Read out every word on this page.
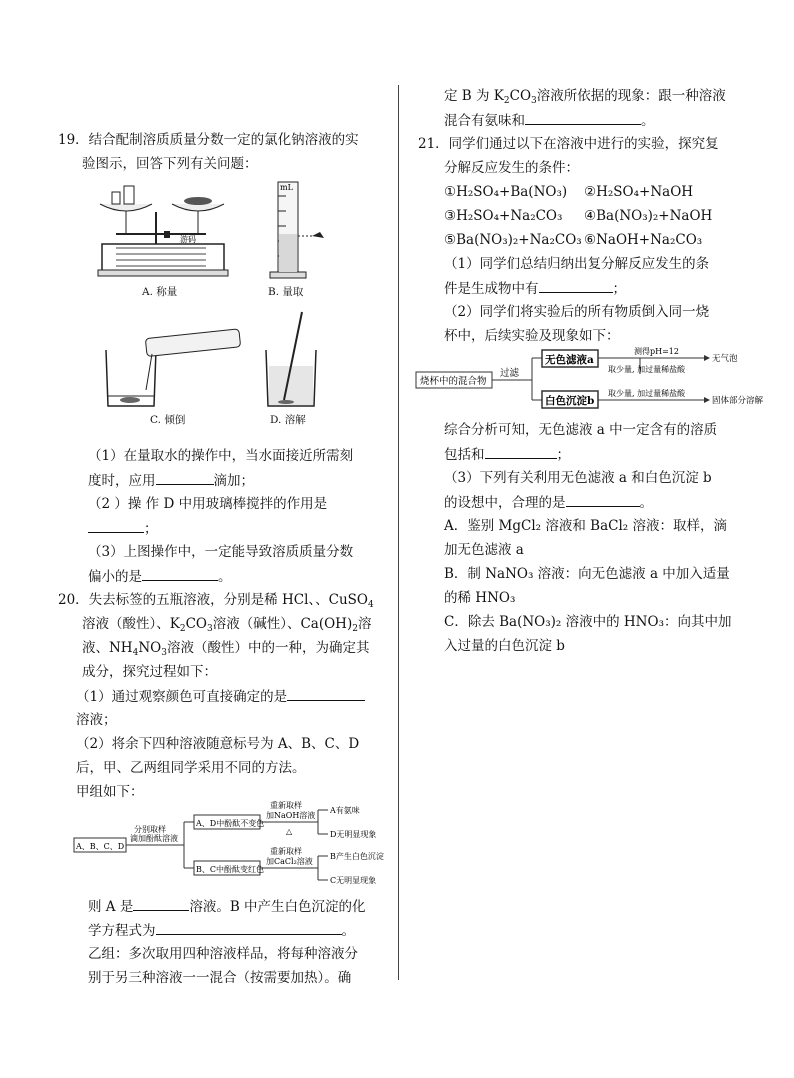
19．结合配制溶质质量分数一定的氯化钠溶液的实
验图示，回答下列有关问题：
游码
A. 称量
mL
B. 量取
C. 倾倒	D. 溶解
（1）在量取水的操作中，当水面接近所需刻
度时，应用	滴加；
（2 ）操 作 D 中用玻璃棒搅拌的作用是
；
（3）上图操作中，一定能导致溶质质量分数
偏小的是	。
20．失去标签的五瓶溶液，分别是稀 HCl、、CuSO$_4$
溶液（酸性）、$K_2CO_3$溶液（碱性）、$Ca(OH)_2$溶
液、$NH_4NO_3$溶液（酸性）中的一种，为确定其
成分，探究过程如下：
（1）通过观察颜色可直接确定的是
溶液；
（2）将余下四种溶液随意标号为 A、B、C、D
后，甲、乙两组同学采用不同的方法。
甲组如下：
A、B、C、D
分别取样
滴加酚酞溶液
A、D中酚酞不变色
B、C中酚酞变红色
重新取样
加NaOH溶液
△
重新取样
加CaCl₂溶液
A有氨味
D无明显现象
B产生白色沉淀
C无明显现象
则 A 是	溶液。B 中产生白色沉淀的化
学方程式为	。
乙组：多次取用四种溶液样品，将每种溶液分
别于另三种溶液一一混合（按需要加热）。确
定 B 为 $K_2CO_3$溶液所依据的现象：跟一种溶液
混合有氨味和	。
21．同学们通过以下在溶液中进行的实验，探究复
分解反应发生的条件：
①H₂SO₄+Ba(NO₃) ②H₂SO₄+NaOH
③H₂SO₄+Na₂CO₃ ④Ba(NO₃)₂+NaOH
⑤Ba(NO₃)₂+Na₂CO₃ ⑥NaOH+Na₂CO₃
（1）同学们总结归纳出复分解反应发生的条
件是生成物中有	；
（2）同学们将实验后的所有物质倒入同一烧
杯中，后续实验及现象如下：
烧杯中的混合物
过滤
无色滤液a
白色沉淀b
测得pH=12
取少量, 加过量稀盐酸
无气泡
取少量, 加过量稀盐酸
固体部分溶解
综合分析可知，无色滤液 a 中一定含有的溶质
包括和	；
（3）下列有关利用无色滤液 a 和白色沉淀 b
的设想中，合理的是	。
A．鉴别 MgCl₂ 溶液和 BaCl₂ 溶液：取样，滴
加无色滤液 a
B．制 NaNO₃ 溶液：向无色滤液 a 中加入适量
的稀 HNO₃
C．除去 Ba(NO₃)₂ 溶液中的 HNO₃：向其中加
入过量的白色沉淀 b
